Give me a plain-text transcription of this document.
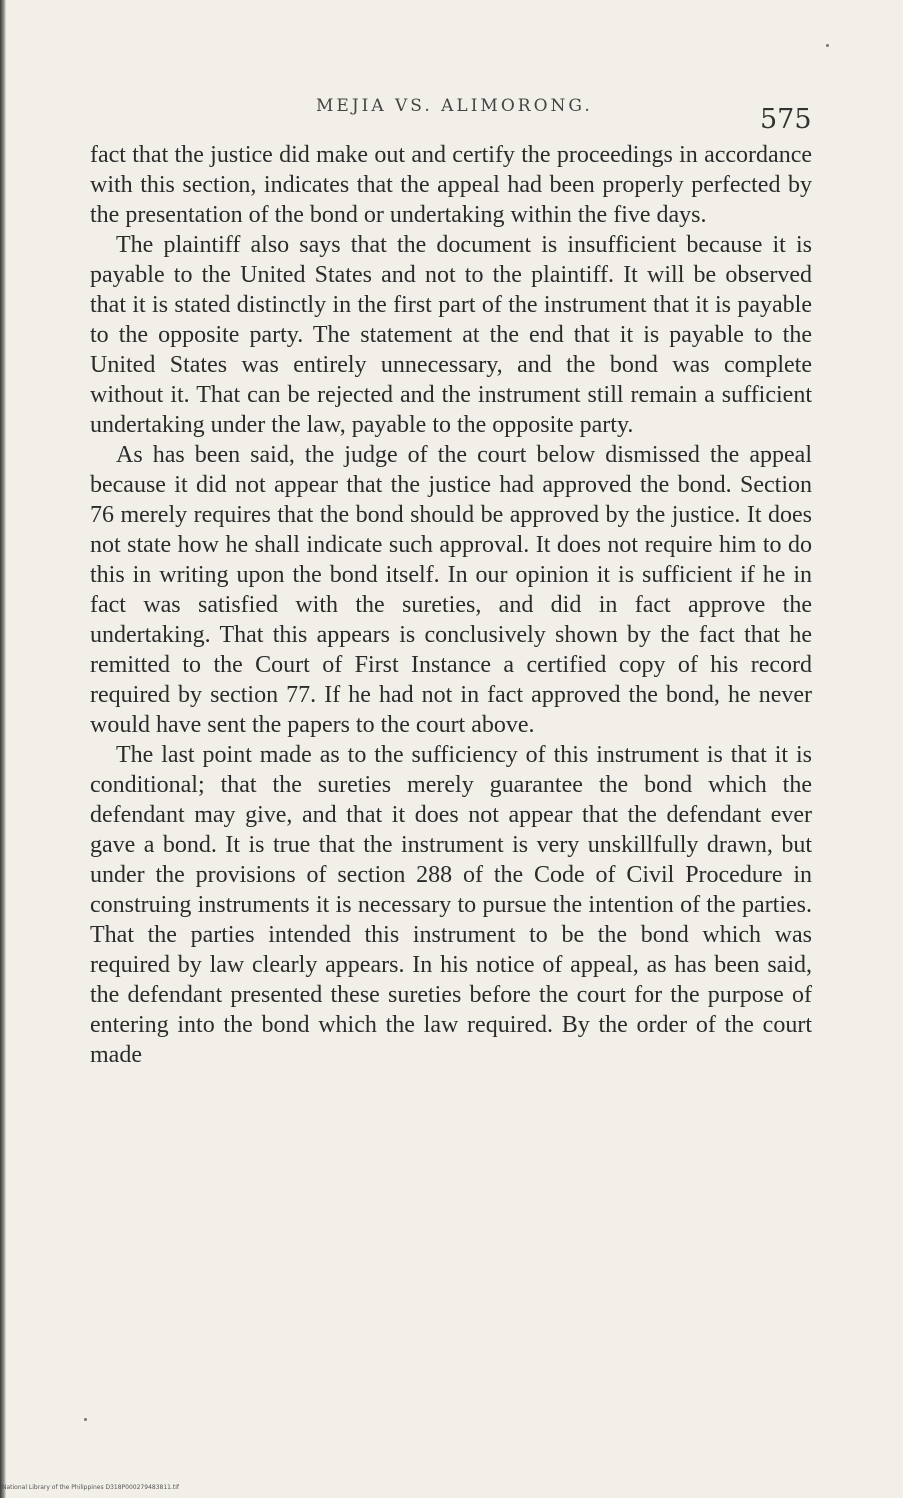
MEJIA VS. ALIMORONG.	575

fact that the justice did make out and certify the proceedings in accordance with this section, indicates that the appeal had been properly perfected by the presentation of the bond or undertaking within the five days.

The plaintiff also says that the document is insufficient because it is payable to the United States and not to the plaintiff. It will be observed that it is stated distinctly in the first part of the instrument that it is payable to the opposite party. The statement at the end that it is payable to the United States was entirely unnecessary, and the bond was complete without it. That can be rejected and the instrument still remain a sufficient undertaking under the law, payable to the opposite party.

As has been said, the judge of the court below dismissed the appeal because it did not appear that the justice had approved the bond. Section 76 merely requires that the bond should be approved by the justice. It does not state how he shall indicate such approval. It does not require him to do this in writing upon the bond itself. In our opinion it is sufficient if he in fact was satisfied with the sureties, and did in fact approve the undertaking. That this appears is conclusively shown by the fact that he remitted to the Court of First Instance a certified copy of his record required by section 77. If he had not in fact approved the bond, he never would have sent the papers to the court above.

The last point made as to the sufficiency of this instrument is that it is conditional; that the sureties merely guarantee the bond which the defendant may give, and that it does not appear that the defendant ever gave a bond. It is true that the instrument is very unskillfully drawn, but under the provisions of section 288 of the Code of Civil Procedure in construing instruments it is necessary to pursue the intention of the parties. That the parties intended this instrument to be the bond which was required by law clearly appears. In his notice of appeal, as has been said, the defendant presented these sureties before the court for the purpose of entering into the bond which the law required. By the order of the court made

National Library of the Philippines D318P000279483811.tif
